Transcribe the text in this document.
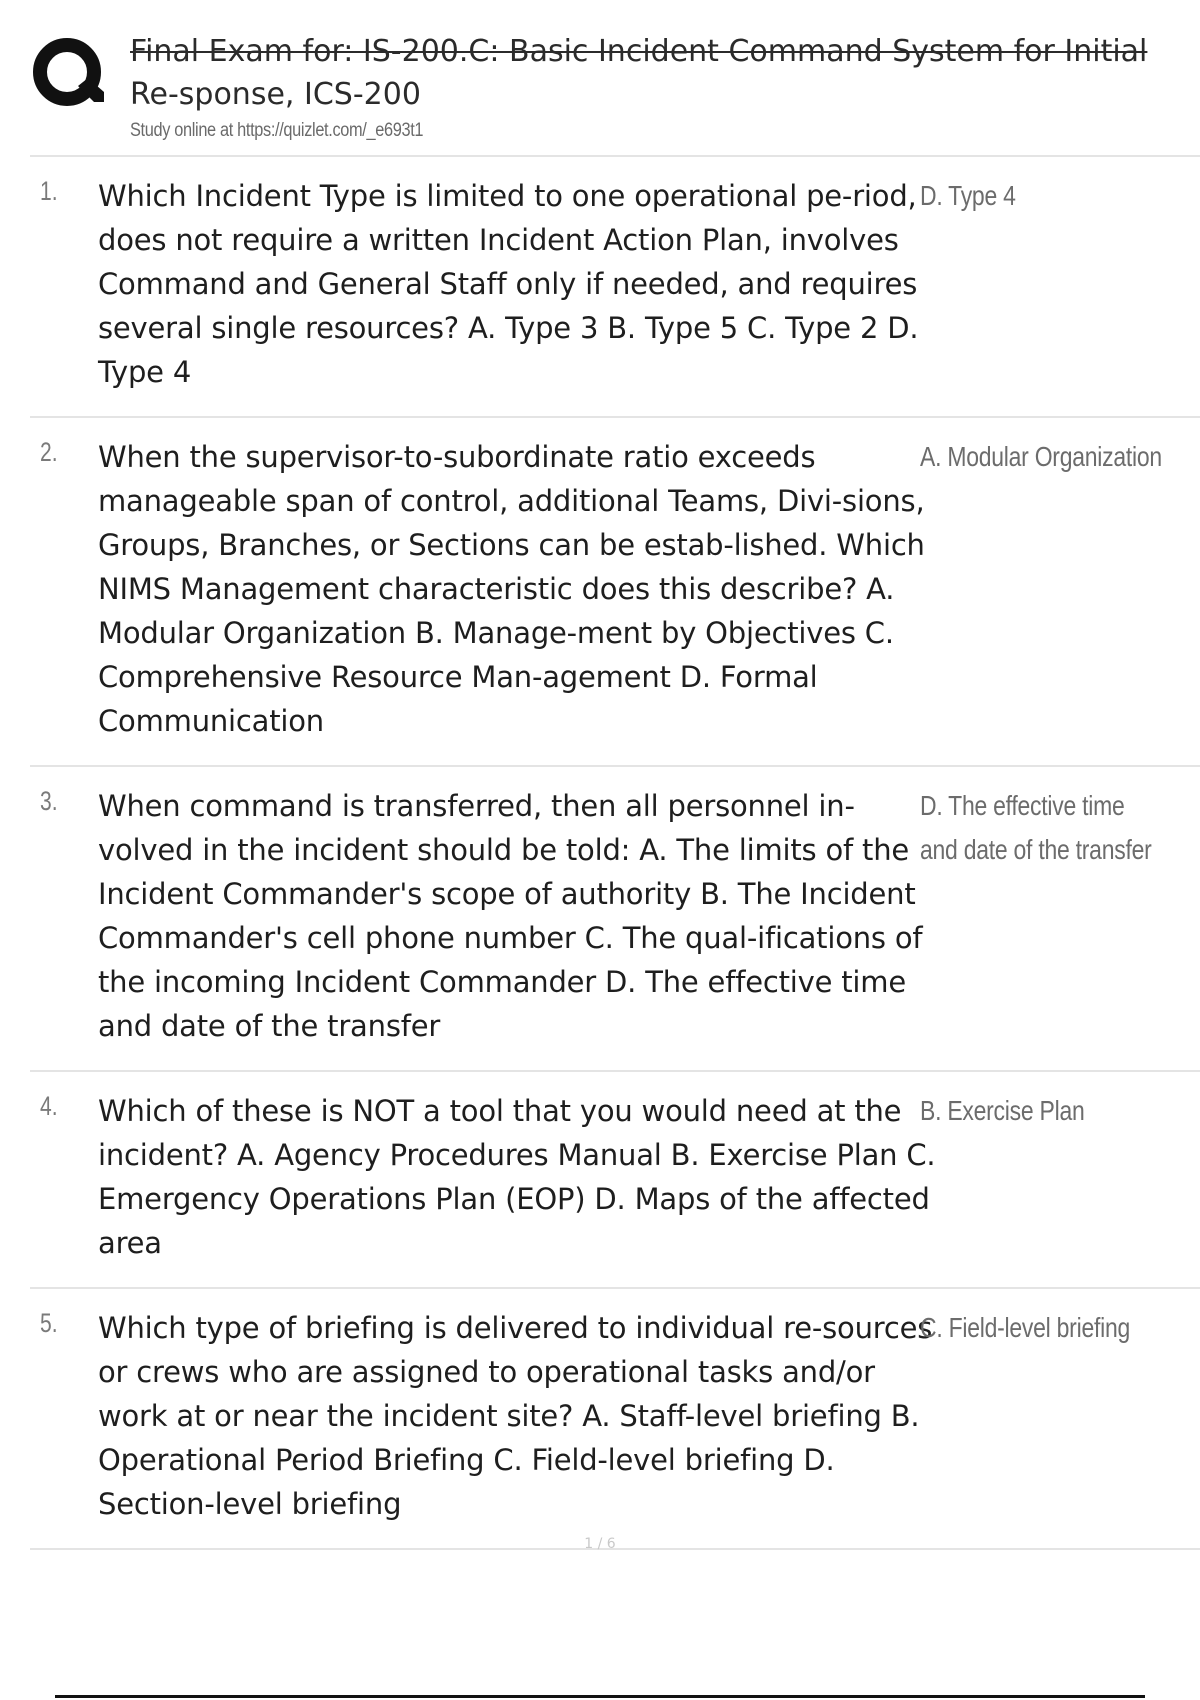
Final Exam for: IS-200.C: Basic Incident Command System for Initial Re-sponse, ICS-200
Study online at https://quizlet.com/_e693t1
1. Which Incident Type is limited to one operational pe-riod, does not require a written Incident Action Plan, involves Command and General Staff only if needed, and requires several single resources? A. Type 3 B. Type 5 C. Type 2 D. Type 4
D. Type 4
2. When the supervisor-to-subordinate ratio exceeds manageable span of control, additional Teams, Divi-sions, Groups, Branches, or Sections can be estab-lished. Which NIMS Management characteristic does this describe? A. Modular Organization B. Manage-ment by Objectives C. Comprehensive Resource Man-agement D. Formal Communication
A. Modular Organization
3. When command is transferred, then all personnel in-volved in the incident should be told: A. The limits of the Incident Commander's scope of authority B. The Incident Commander's cell phone number C. The qual-ifications of the incoming Incident Commander D. The effective time and date of the transfer
D. The effective time and date of the transfer
4. Which of these is NOT a tool that you would need at the incident? A. Agency Procedures Manual B. Exercise Plan C. Emergency Operations Plan (EOP) D. Maps of the affected area
B. Exercise Plan
5. Which type of briefing is delivered to individual re-sources or crews who are assigned to operational tasks and/or work at or near the incident site? A. Staff-level briefing B. Operational Period Briefing C. Field-level briefing D. Section-level briefing
C. Field-level briefing
1 / 6
